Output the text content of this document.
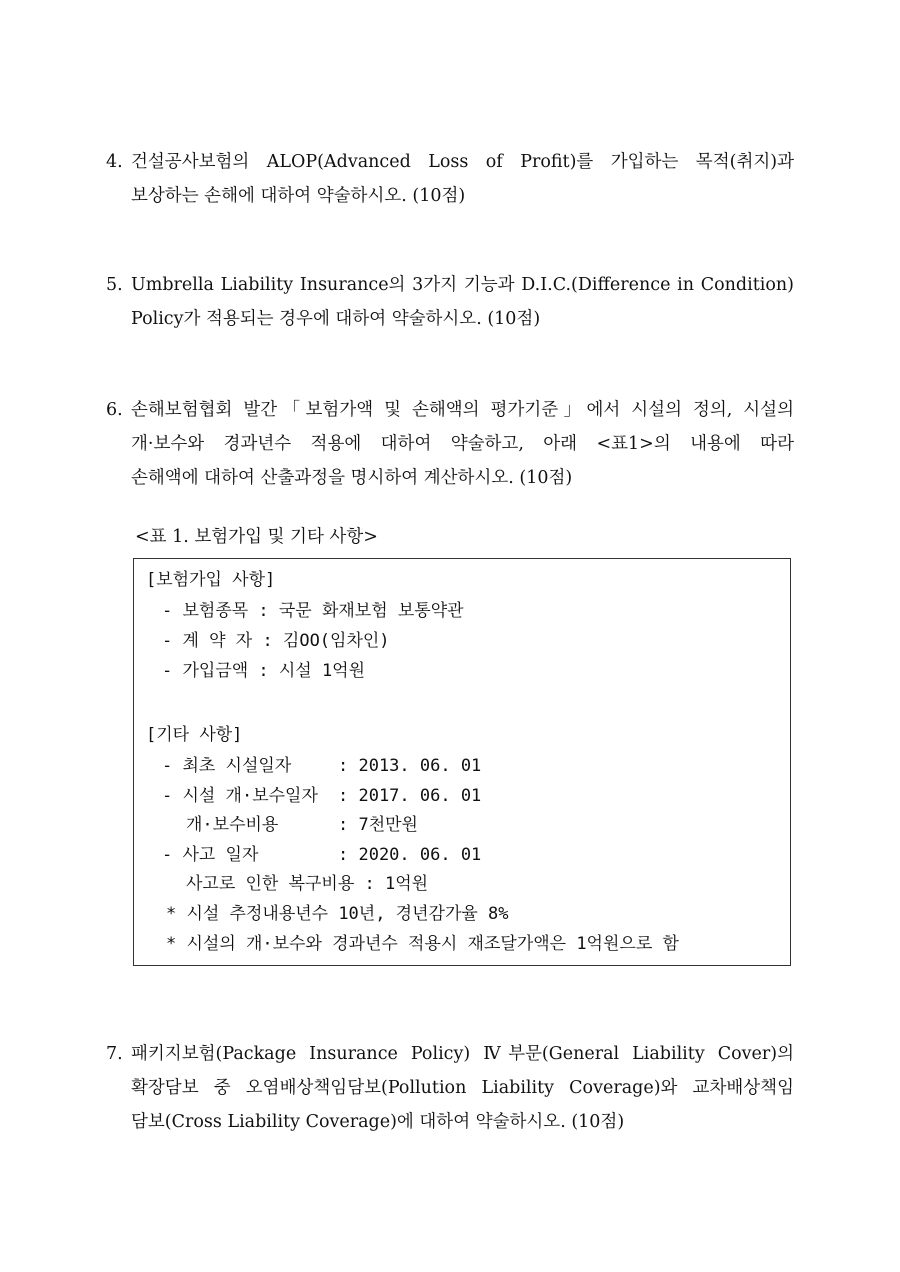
4. 건설공사보험의 ALOP(Advanced Loss of Profit)를 가입하는 목적(취지)과
보상하는 손해에 대하여 약술하시오. (10점)
5. Umbrella Liability Insurance의 3가지 기능과 D.I.C.(Difference in Condition)
Policy가 적용되는 경우에 대하여 약술하시오. (10점)
6. 손해보험협회 발간「보험가액 및 손해액의 평가기준」에서 시설의 정의, 시설의
개·보수와 경과년수 적용에 대하여 약술하고, 아래 <표1>의 내용에 따라
손해액에 대하여 산출과정을 명시하여 계산하시오. (10점)
<표 1. 보험가입 및 기타 사항>
[보험가입 사항]
- 보험종목 : 국문 화재보험 보통약관
- 계 약 자 : 김OO(임차인)
- 가입금액 : 시설 1억원
[기타 사항]
- 최초 시설일자	: 2013. 06. 01
- 시설 개·보수일자 : 2017. 06. 01
개·보수비용	: 7천만원
- 사고 일자	: 2020. 06. 01
사고로 인한 복구비용 : 1억원
* 시설 추정내용년수 10년, 경년감가율 8%
* 시설의 개·보수와 경과년수 적용시 재조달가액은 1억원으로 함
7. 패키지보험(Package Insurance Policy) Ⅳ부문(General Liability Cover)의
확장담보 중 오염배상책임담보(Pollution Liability Coverage)와 교차배상책임
담보(Cross Liability Coverage)에 대하여 약술하시오. (10점)
